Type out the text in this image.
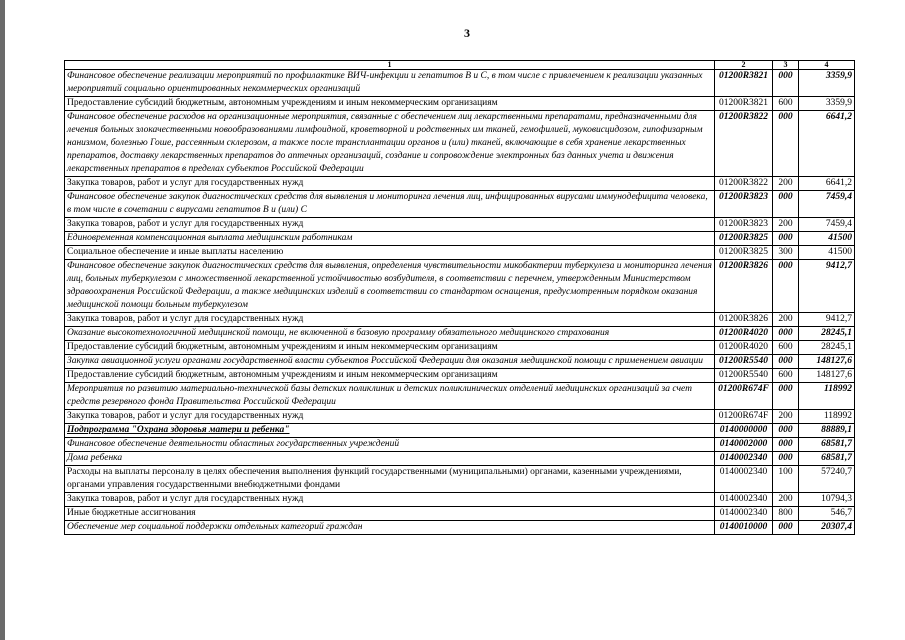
3
1	2	3	4
Финансовое обеспечение реализации мероприятий по профилактике ВИЧ-инфекции и гепатитов В и С, в том числе с привлечением к реализации указанных мероприятий социально ориентированных некоммерческих организаций	01200R3821	000	3359,9
Предоставление субсидий бюджетным, автономным учреждениям и иным некоммерческим организациям	01200R3821	600	3359,9
Финансовое обеспечение расходов на организационные мероприятия, связанные с обеспечением лиц лекарственными препаратами, предназначенными для лечения больных злокачественными новообразованиями лимфоидной, кроветворной и родственных им тканей, гемофилией, муковисцидозом, гипофизарным нанизмом, болезнью Гоше, рассеянным склерозом, а также после трансплантации органов и (или) тканей, включающие в себя хранение лекарственных препаратов, доставку лекарственных препаратов до аптечных организаций, создание и сопровождение электронных баз данных учета и движения лекарственных препаратов в пределах субъектов Российской Федерации	01200R3822	000	6641,2
Закупка товаров, работ и услуг для государственных нужд	01200R3822	200	6641,2
Финансовое обеспечение закупок диагностических средств для выявления и мониторинга лечения лиц, инфицированных вирусами иммунодефицита человека, в том числе в сочетании с вирусами гепатитов В и (или) С	01200R3823	000	7459,4
Закупка товаров, работ и услуг для государственных нужд	01200R3823	200	7459,4
Единовременная компенсационная выплата медицинским работникам	01200R3825	000	41500
Социальное обеспечение и иные выплаты населению	01200R3825	300	41500
Финансовое обеспечение закупок диагностических средств для выявления, определения чувствительности микобактерии туберкулеза и мониторинга лечения лиц, больных туберкулезом с множественной лекарственной устойчивостью возбудителя, в соответствии с перечнем, утвержденным Министерством здравоохранения Российской Федерации, а также медицинских изделий в соответствии со стандартом оснащения, предусмотренным порядком оказания медицинской помощи больным туберкулезом	01200R3826	000	9412,7
Закупка товаров, работ и услуг для государственных нужд	01200R3826	200	9412,7
Оказание высокотехнологичной медицинской помощи, не включенной в базовую программу обязательного медицинского страхования	01200R4020	000	28245,1
Предоставление субсидий бюджетным, автономным учреждениям и иным некоммерческим организациям	01200R4020	600	28245,1
Закупка авиационной услуги органами государственной власти субъектов Российской Федерации для оказания медицинской помощи с применением авиации	01200R5540	000	148127,6
Предоставление субсидий бюджетным, автономным учреждениям и иным некоммерческим организациям	01200R5540	600	148127,6
Мероприятия по развитию материально-технической базы детских поликлиник и детских поликлинических отделений медицинских организаций за счет средств резервного фонда Правительства Российской Федерации	01200R674F	000	118992
Закупка товаров, работ и услуг для государственных нужд	01200R674F	200	118992
Подпрограмма "Охрана здоровья матери и ребенка"	0140000000	000	88889,1
Финансовое обеспечение деятельности областных государственных учреждений	0140002000	000	68581,7
Дома ребенка	0140002340	000	68581,7
Расходы на выплаты персоналу в целях обеспечения выполнения функций государственными (муниципальными) органами, казенными учреждениями, органами управления государственными внебюджетными фондами	0140002340	100	57240,7
Закупка товаров, работ и услуг для государственных нужд	0140002340	200	10794,3
Иные бюджетные ассигнования	0140002340	800	546,7
Обеспечение мер социальной поддержки отдельных категорий граждан	0140010000	000	20307,4
